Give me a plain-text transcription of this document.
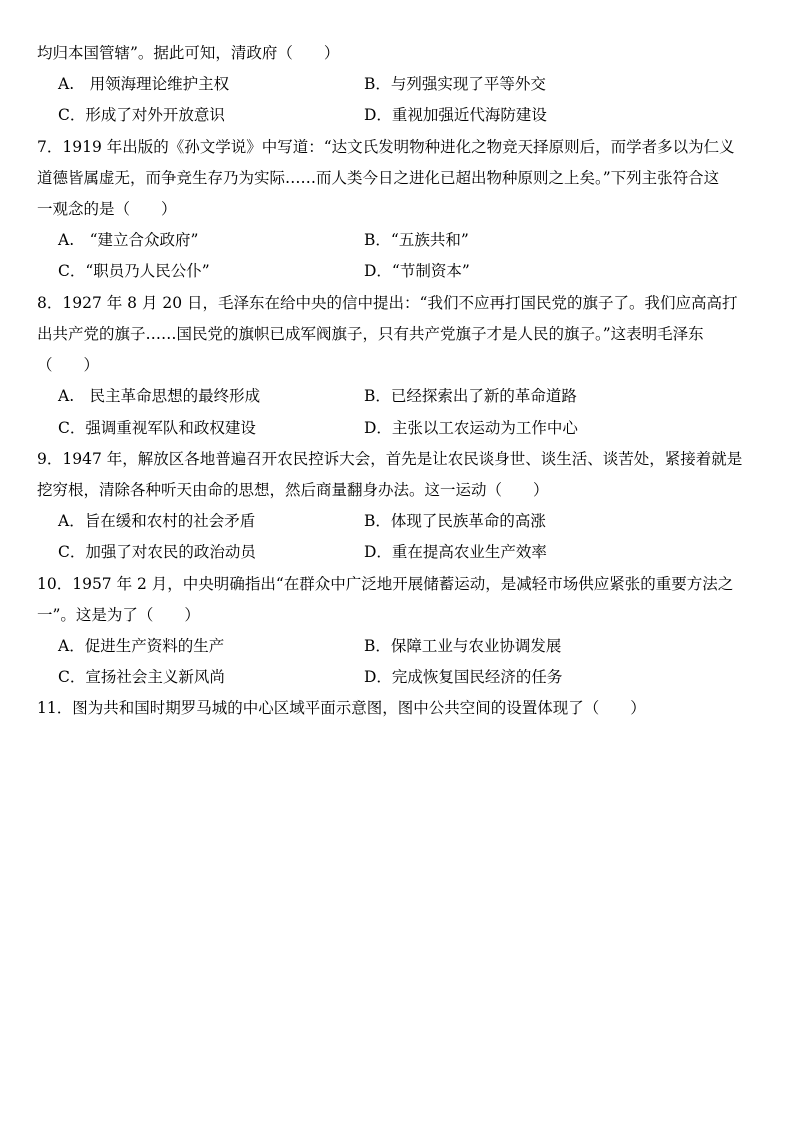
均归本国管辖”。据此可知，清政府（　　）
A.　用领海理论维护主权	B．与列强实现了平等外交
C．形成了对外开放意识	D．重视加强近代海防建设
7．1919 年出版的《孙文学说》中写道：“达文氏发明物种进化之物竞天择原则后，而学者多以为仁义
道德皆属虚无，而争竞生存乃为实际……而人类今日之进化已超出物种原则之上矣。”下列主张符合这
一观念的是（　　）
A.　“建立合众政府”	B．“五族共和”
C．“职员乃人民公仆”	D．“节制资本”
8．1927 年 8 月 20 日，毛泽东在给中央的信中提出：“我们不应再打国民党的旗子了。我们应高高打
出共产党的旗子……国民党的旗帜已成军阀旗子，只有共产党旗子才是人民的旗子。”这表明毛泽东
（　　）
A.　民主革命思想的最终形成	B．已经探索出了新的革命道路
C．强调重视军队和政权建设	D．主张以工农运动为工作中心
9．1947 年，解放区各地普遍召开农民控诉大会，首先是让农民谈身世、谈生活、谈苦处，紧接着就是
挖穷根，清除各种听天由命的思想，然后商量翻身办法。这一运动（　　）
A．旨在缓和农村的社会矛盾	B．体现了民族革命的高涨
C．加强了对农民的政治动员	D．重在提高农业生产效率
10．1957 年 2 月，中央明确指出“在群众中广泛地开展储蓄运动，是减轻市场供应紧张的重要方法之
一”。这是为了（　　）
A．促进生产资料的生产	B．保障工业与农业协调发展
C．宣扬社会主义新风尚	D．完成恢复国民经济的任务
11．图为共和国时期罗马城的中心区域平面示意图，图中公共空间的设置体现了（　　）
